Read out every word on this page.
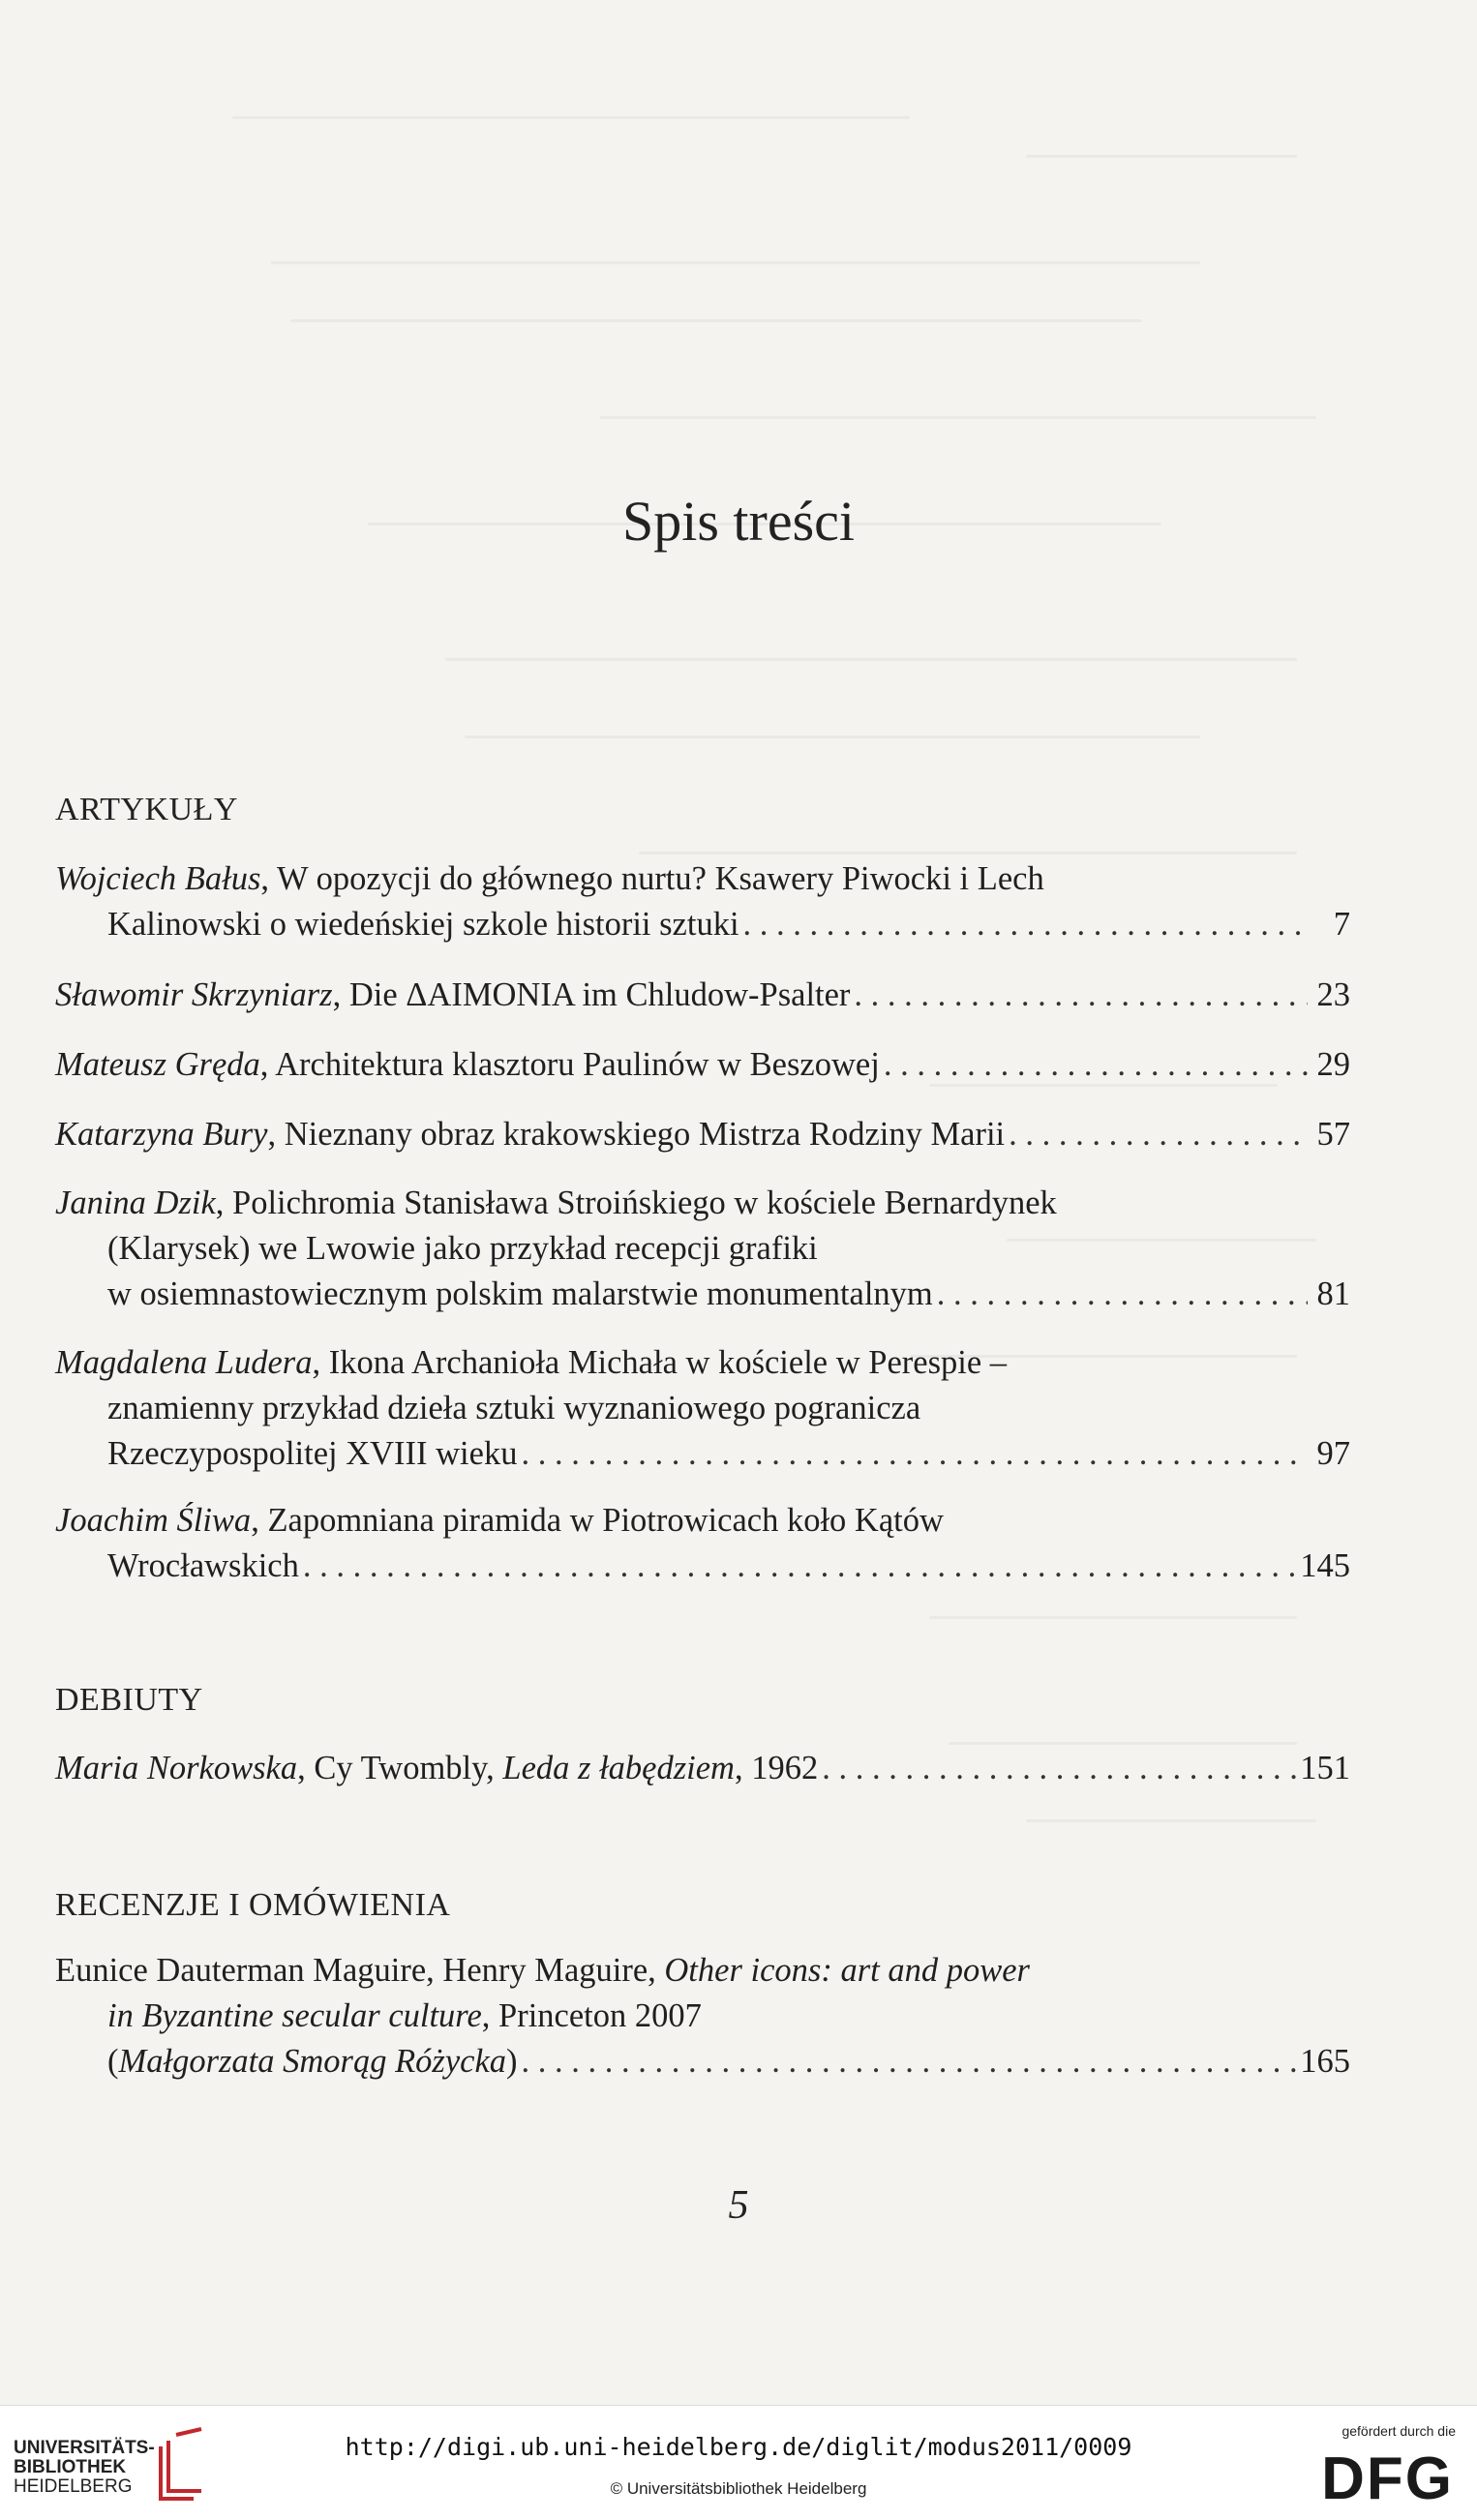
Spis treści
ARTYKUŁY
Wojciech Bałus, W opozycji do głównego nurtu? Ksawery Piwocki i Lech
Kalinowski o wiedeńskiej szkole historii sztuki . . .	7
Sławomir Skrzyniarz, Die ΔAIMONIA im Chludow-Psalter . . .	23
Mateusz Gręda, Architektura klasztoru Paulinów w Beszowej . . .	29
Katarzyna Bury, Nieznany obraz krakowskiego Mistrza Rodziny Marii . . .	57
Janina Dzik, Polichromia Stanisława Stroińskiego w kościele Bernardynek
(Klarysek) we Lwowie jako przykład recepcji grafiki
w osiemnastowiecznym polskim malarstwie monumentalnym . . .	81
Magdalena Ludera, Ikona Archanioła Michała w kościele w Perespie –
znamienny przykład dzieła sztuki wyznaniowego pogranicza
Rzeczypospolitej XVIII wieku . . .	97
Joachim Śliwa, Zapomniana piramida w Piotrowicach koło Kątów
Wrocławskich . . .	145
DEBIUTY
Maria Norkowska, Cy Twombly, Leda z łabędziem, 1962 . . .	151
RECENZJE I OMÓWIENIA
Eunice Dauterman Maguire, Henry Maguire, Other icons: art and power
in Byzantine secular culture, Princeton 2007
(Małgorzata Smorąg Różycka) . . .	165
5
UNIVERSITÄTS-
BIBLIOTHEK
HEIDELBERG
http://digi.ub.uni-heidelberg.de/diglit/modus2011/0009
© Universitätsbibliothek Heidelberg
gefördert durch die
DFG
